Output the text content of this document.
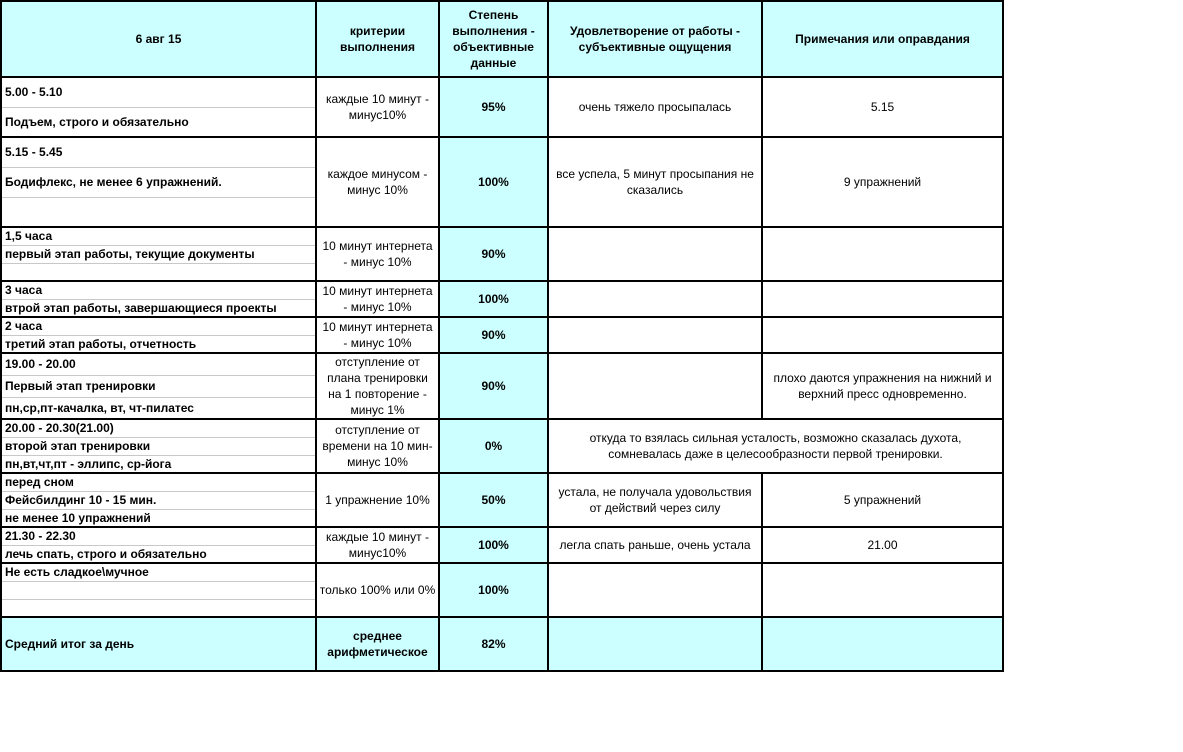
6 авг 15	критерии выполнения	Степень выполнения - объективные данные	Удовлетворение от работы - субъективные ощущения	Примечания или оправдания
5.00 - 5.10	каждые 10 минут - минус10%	95%	очень тяжело просыпалась	5.15
Подъем, строго и обязательно				
5.15 - 5.45	каждое минусом - минус 10%	100%	все успела, 5 минут просыпания не сказались	9 упражнений
Бодифлекс, не менее 6 упражнений.				

1,5 часа	10 минут интернета - минус 10%	90%		
первый этап работы, текущие документы				

3 часа	10 минут интернета - минус 10%	100%		
втрой этап работы, завершающиеся проекты				
2 часа	10 минут интернета - минус 10%	90%		
третий этап работы, отчетность				
19.00 - 20.00	отступление от плана тренировки на 1 повторение - минус 1%	90%		плохо даются упражнения на нижний и верхний пресс одновременно.
Первый этап тренировки				
пн,ср,пт-качалка, вт, чт-пилатес				
20.00 - 20.30(21.00)	отступление от времени на 10 мин- минус 10%	0%	откуда то взялась сильная усталость, возможно сказалась духота, сомневалась даже в целесообразности первой тренировки.	
второй этап тренировки				
пн,вт,чт,пт - эллипс, ср-йога				
перед сном	1 упражнение 10%	50%	устала, не получала удовольствия от действий через силу	5 упражнений
Фейсбилдинг 10 - 15 мин.				
не менее 10 упражнений				
21.30 - 22.30	каждые 10 минут - минус10%	100%	легла спать раньше, очень устала	21.00
лечь спать, строго и обязательно				
Не есть сладкое\мучное	только 100% или 0%	100%		

Средний итог за день	среднее арифметическое	82%		
